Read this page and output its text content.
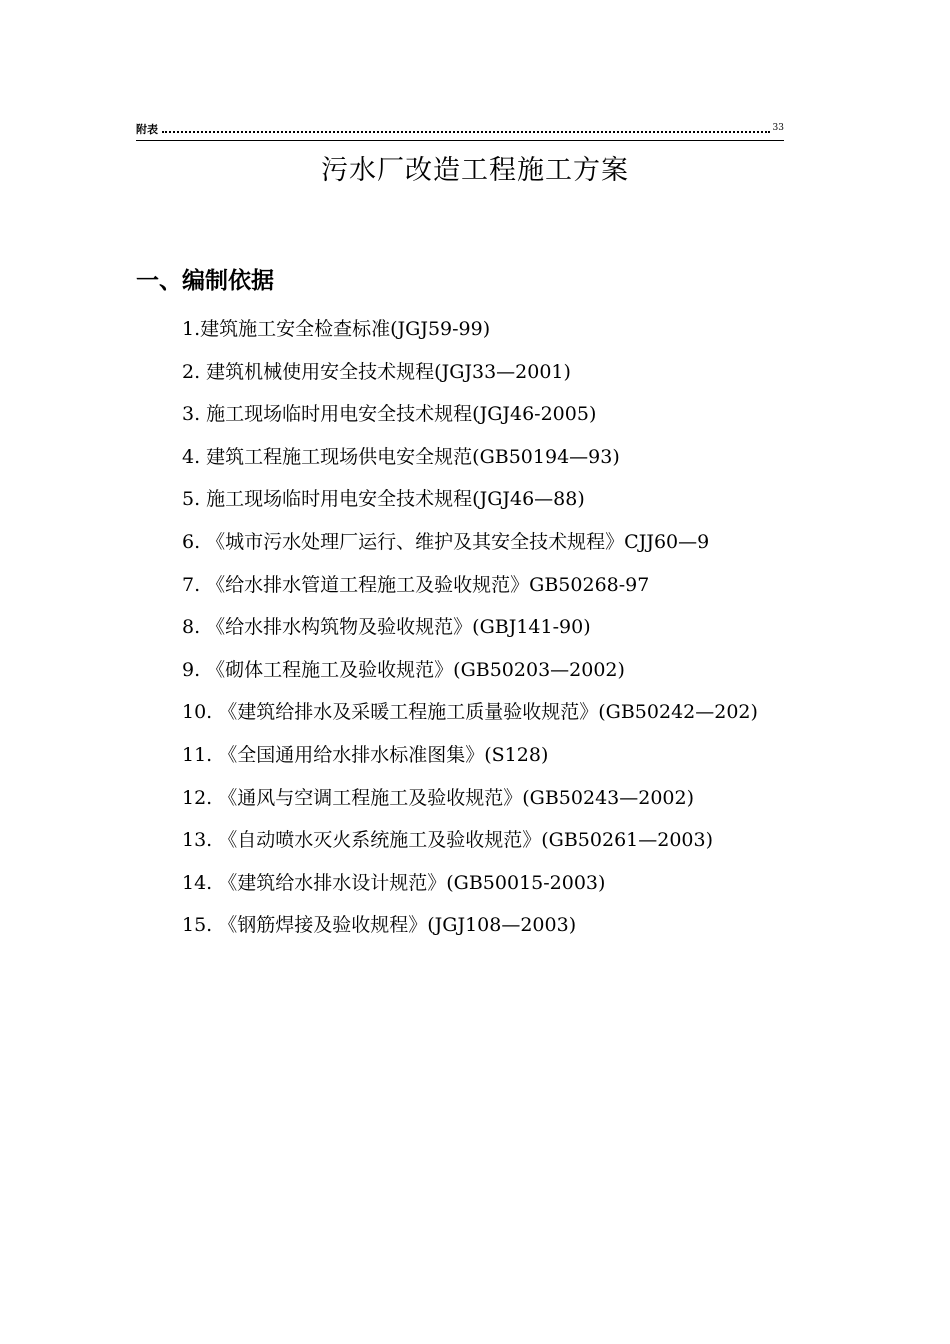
附表	33
污水厂改造工程施工方案
一、编制依据
1.建筑施工安全检查标准(JGJ59-99)
2. 建筑机械使用安全技术规程(JGJ33—2001)
3. 施工现场临时用电安全技术规程(JGJ46-2005)
4. 建筑工程施工现场供电安全规范(GB50194—93)
5. 施工现场临时用电安全技术规程(JGJ46—88)
6. 《城市污水处理厂运行、维护及其安全技术规程》CJJ60—9
7. 《给水排水管道工程施工及验收规范》GB50268-97
8. 《给水排水构筑物及验收规范》(GBJ141-90)
9. 《砌体工程施工及验收规范》(GB50203—2002)
10. 《建筑给排水及采暖工程施工质量验收规范》(GB50242—202)
11. 《全国通用给水排水标准图集》(S128)
12. 《通风与空调工程施工及验收规范》(GB50243—2002)
13. 《自动喷水灭火系统施工及验收规范》(GB50261—2003)
14. 《建筑给水排水设计规范》(GB50015-2003)
15. 《钢筋焊接及验收规程》(JGJ108—2003)
